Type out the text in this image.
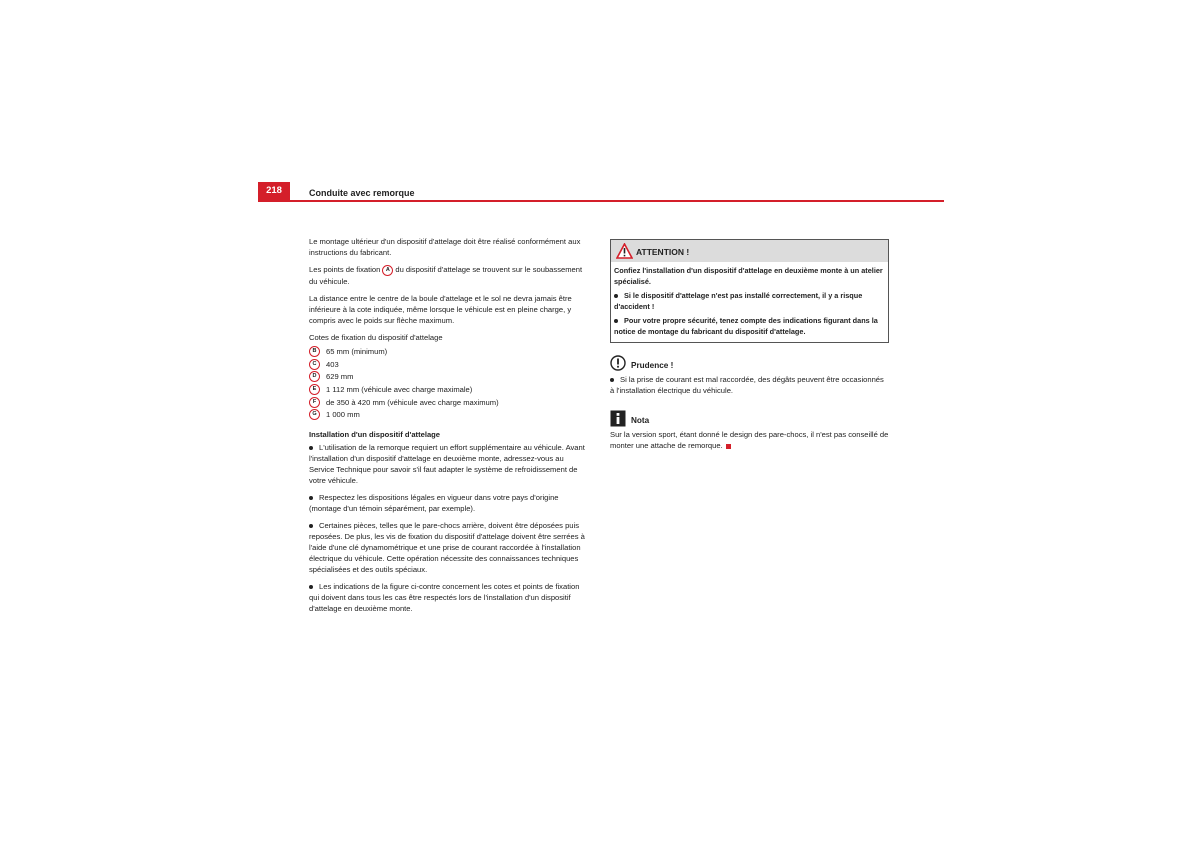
218	Conduite avec remorque

Le montage ultérieur d'un dispositif d'attelage doit être réalisé conformément aux instructions du fabricant.

Les points de fixation A du dispositif d'attelage se trouvent sur le soubassement du véhicule.

La distance entre le centre de la boule d'attelage et le sol ne devra jamais être inférieure à la cote indiquée, même lorsque le véhicule est en pleine charge, y compris avec le poids sur flèche maximum.

Cotes de fixation du dispositif d'attelage

B	65 mm (minimum)
C	403
D	629 mm
E	1 112 mm (véhicule avec charge maximale)
F	de 350 à 420 mm (véhicule avec charge maximum)
G	1 000 mm
Installation d'un dispositif d'attelage

L'utilisation de la remorque requiert un effort supplémentaire au véhicule. Avant l'installation d'un dispositif d'attelage en deuxième monte, adressez-vous au Service Technique pour savoir s'il faut adapter le système de refroidissement de votre véhicule.

Respectez les dispositions légales en vigueur dans votre pays d'origine (montage d'un témoin séparément, par exemple).

Certaines pièces, telles que le pare-chocs arrière, doivent être déposées puis reposées. De plus, les vis de fixation du dispositif d'attelage doivent être serrées à l'aide d'une clé dynamométrique et une prise de courant raccordée à l'installation électrique du véhicule. Cette opération nécessite des connaissances techniques spécialisées et des outils spéciaux.

Les indications de la figure ci-contre concernent les cotes et points de fixation qui doivent dans tous les cas être respectés lors de l'installation d'un dispositif d'attelage en deuxième monte.

ATTENTION !

Confiez l'installation d'un dispositif d'attelage en deuxième monte à un atelier spécialisé.

Si le dispositif d'attelage n'est pas installé correctement, il y a risque d'accident !

Pour votre propre sécurité, tenez compte des indications figurant dans la notice de montage du fabricant du dispositif d'attelage.

Prudence !

Si la prise de courant est mal raccordée, des dégâts peuvent être occasionnés à l'installation électrique du véhicule.

Nota

Sur la version sport, étant donné le design des pare-chocs, il n'est pas conseillé de monter une attache de remorque.
